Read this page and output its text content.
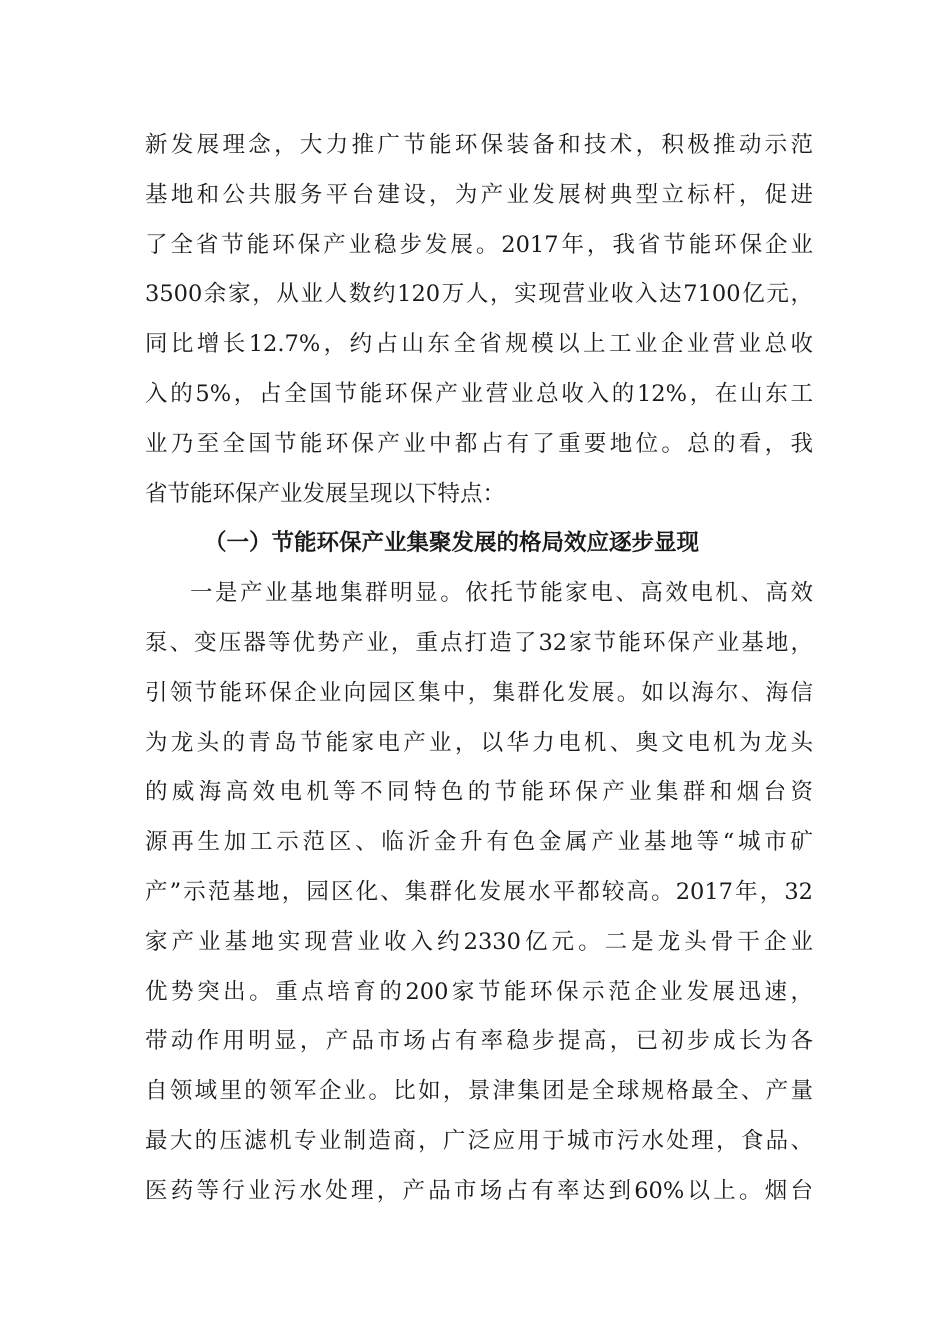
新发展理念，大力推广节能环保装备和技术，积极推动示范
基地和公共服务平台建设，为产业发展树典型立标杆，促进
了全省节能环保产业稳步发展。2017年，我省节能环保企业
3500余家，从业人数约120万人，实现营业收入达7100亿元，
同比增长12.7%，约占山东全省规模以上工业企业营业总收
入的5%，占全国节能环保产业营业总收入的12%，在山东工
业乃至全国节能环保产业中都占有了重要地位。总的看，我
省节能环保产业发展呈现以下特点：
（一）节能环保产业集聚发展的格局效应逐步显现
一是产业基地集群明显。依托节能家电、高效电机、高效
泵、变压器等优势产业，重点打造了32家节能环保产业基地，
引领节能环保企业向园区集中，集群化发展。如以海尔、海信
为龙头的青岛节能家电产业，以华力电机、奥文电机为龙头
的威海高效电机等不同特色的节能环保产业集群和烟台资
源再生加工示范区、临沂金升有色金属产业基地等“城市矿
产”示范基地，园区化、集群化发展水平都较高。2017年，32
家产业基地实现营业收入约2330亿元。二是龙头骨干企业
优势突出。重点培育的200家节能环保示范企业发展迅速，
带动作用明显，产品市场占有率稳步提高，已初步成长为各
自领域里的领军企业。比如，景津集团是全球规格最全、产量
最大的压滤机专业制造商，广泛应用于城市污水处理，食品、
医药等行业污水处理，产品市场占有率达到60%以上。烟台
